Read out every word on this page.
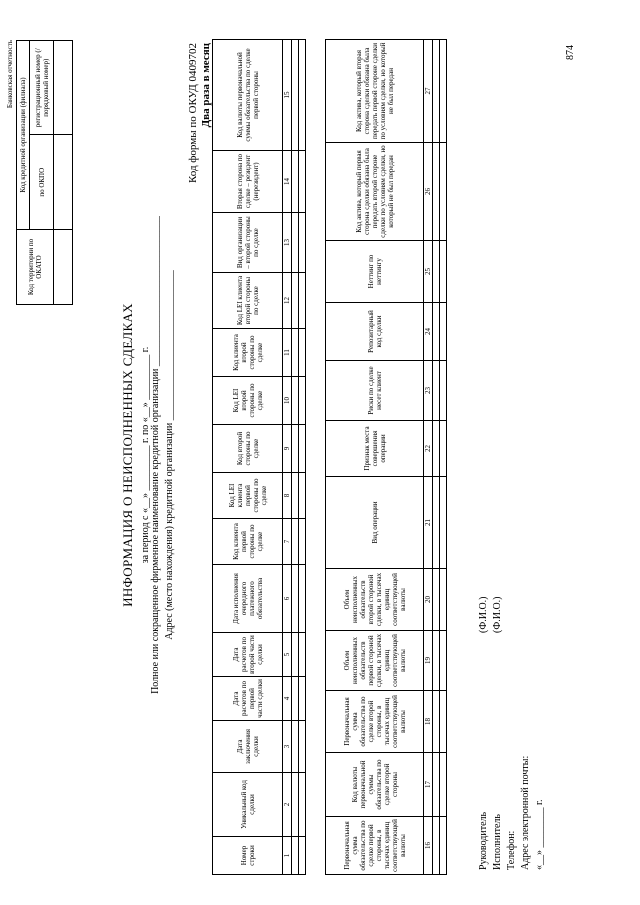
Банковская отчетность
Код территории по ОКАТО	Код кредитной организации (филиала)	
	по ОКПО	регистрационный номер (/порядковый номер)

ИНФОРМАЦИЯ О НЕИСПОЛНЕННЫХ СДЕЛКАХ за период с «__» _________ г. по «__» _________ г. Полное или сокращенное фирменное наименование кредитной организации ______________________________ Адрес (место нахождения) кредитной организации ______________________________
Код формы по ОКУД 0409702 Два раза в месяц
Номер строки	Уникальный код сделки	Дата заключения сделки	Дата расчетов по первой части сделки	Дата расчетов по второй части сделки	Дата исполнения очередного платежного обязательства	Код клиента первой стороны по сделке	Код LEI клиента первой стороны по сделке	Код второй стороны по сделке	Код LEI второй стороны по сделке	Код клиента второй стороны по сделке	Код LEI клиента второй стороны по сделке	Вид организации – второй стороны по сделке	Вторая сторона по сделке – резидент (нерезидент)	Код валюты первоначальной суммы обязательства по сделке первой стороны
1	2	3	4	5	6	7	8	9	10	11	12	13	14	15

Первоначальная сумма обязательства по сделке первой стороны, в тысячах единиц соответствующей валюты	Код валюты первоначальной суммы обязательства по сделке второй стороны	Первоначальная сумма обязательства по сделке второй стороны, в тысячах единиц соответствующей валюты	Объем неисполненных обязательств первой стороной сделки, в тысячах единиц соответствующей валюты	Объем неисполненных обязательств второй стороной сделки, в тысячах единиц соответствующей валюты	Вид операции	Признак места совершения операции	Риски по сделке несет клиент	Репозитарный код сделки	Неттинг по неттингу	Код актива, который первая сторона сделки обязана была передать второй стороне сделки по условиям сделки, но который не был передан	Код актива, который вторая сторона сделки обязана была передать первой стороне сделки по условиям сделки, но который не был передан
16	17	18	19	20	21	22	23	24	25	26	27

Руководитель
(Ф.И.О.)
Исполнитель
(Ф.И.О.)
Телефон: Адрес электронной почты: «__» ________ г.
874
